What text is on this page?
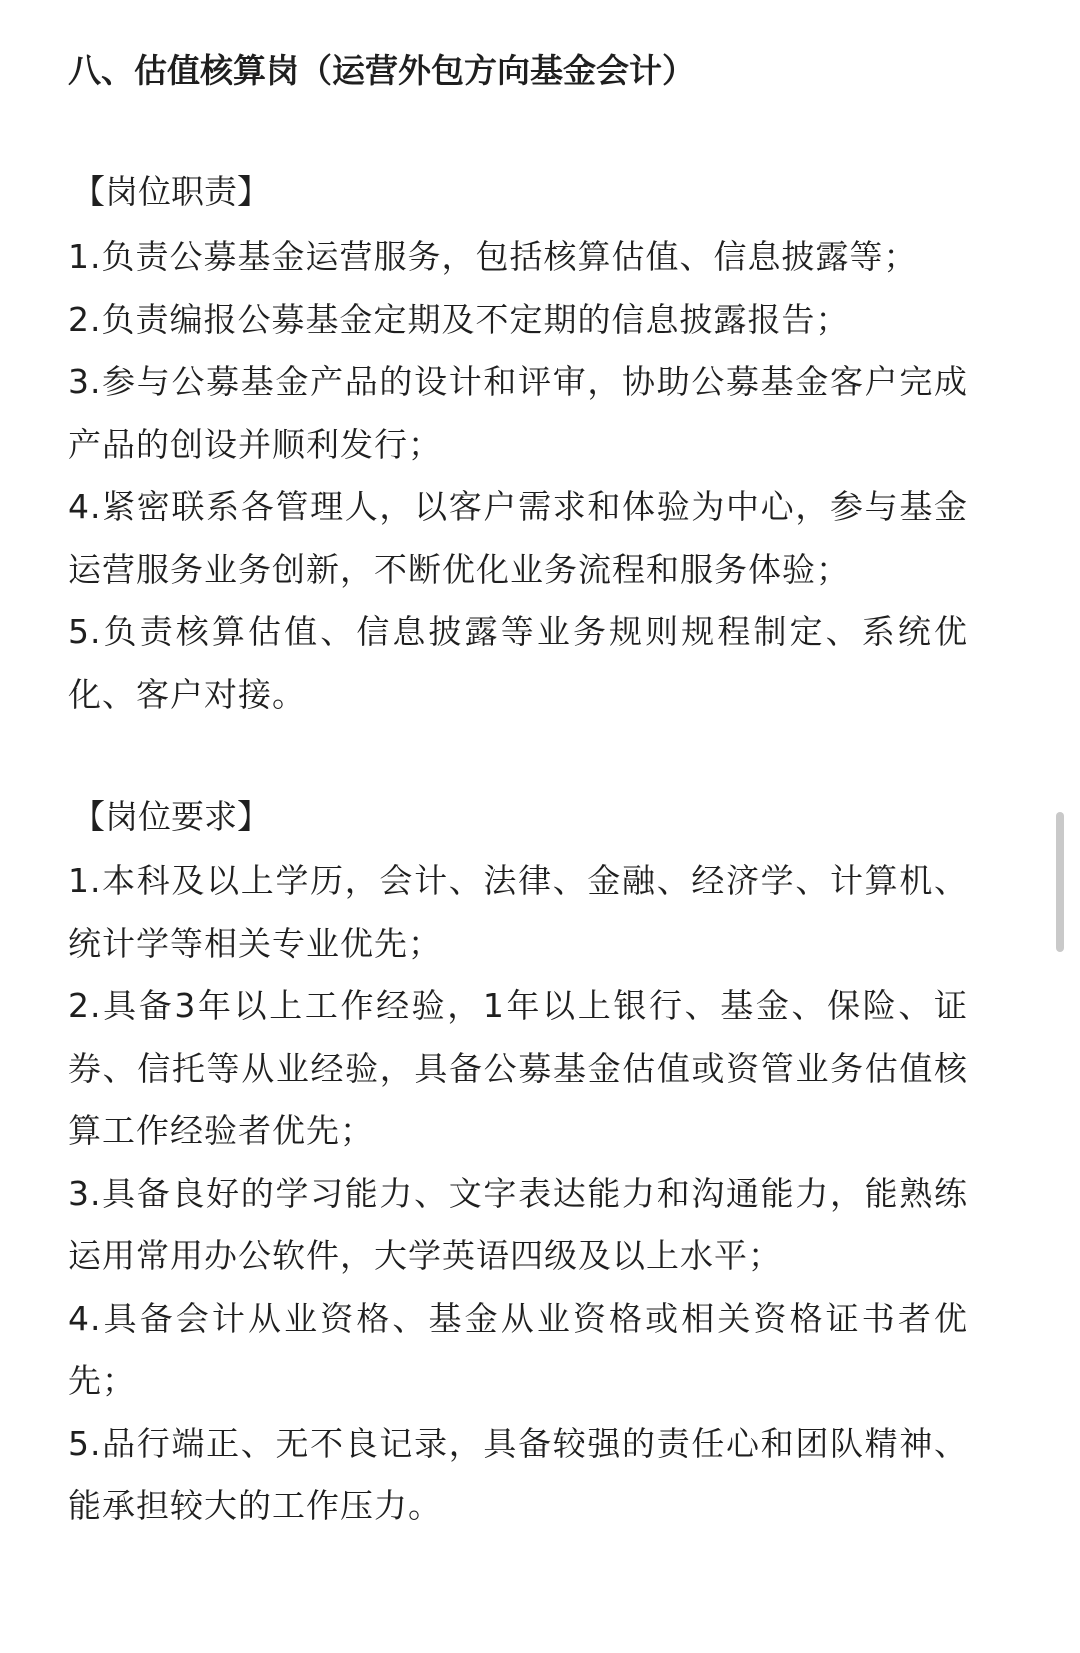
八、估值核算岗（运营外包方向基金会计）
【岗位职责】
1.负责公募基金运营服务，包括核算估值、信息披露等；
2.负责编报公募基金定期及不定期的信息披露报告；
3.参与公募基金产品的设计和评审，协助公募基金客户完成产品的创设并顺利发行；
4.紧密联系各管理人，以客户需求和体验为中心，参与基金运营服务业务创新，不断优化业务流程和服务体验；
5.负责核算估值、信息披露等业务规则规程制定、系统优化、客户对接。
【岗位要求】
1.本科及以上学历，会计、法律、金融、经济学、计算机、统计学等相关专业优先；
2.具备3年以上工作经验，1年以上银行、基金、保险、证券、信托等从业经验，具备公募基金估值或资管业务估值核算工作经验者优先；
3.具备良好的学习能力、文字表达能力和沟通能力，能熟练运用常用办公软件，大学英语四级及以上水平；
4.具备会计从业资格、基金从业资格或相关资格证书者优先；
5.品行端正、无不良记录，具备较强的责任心和团队精神、能承担较大的工作压力。
